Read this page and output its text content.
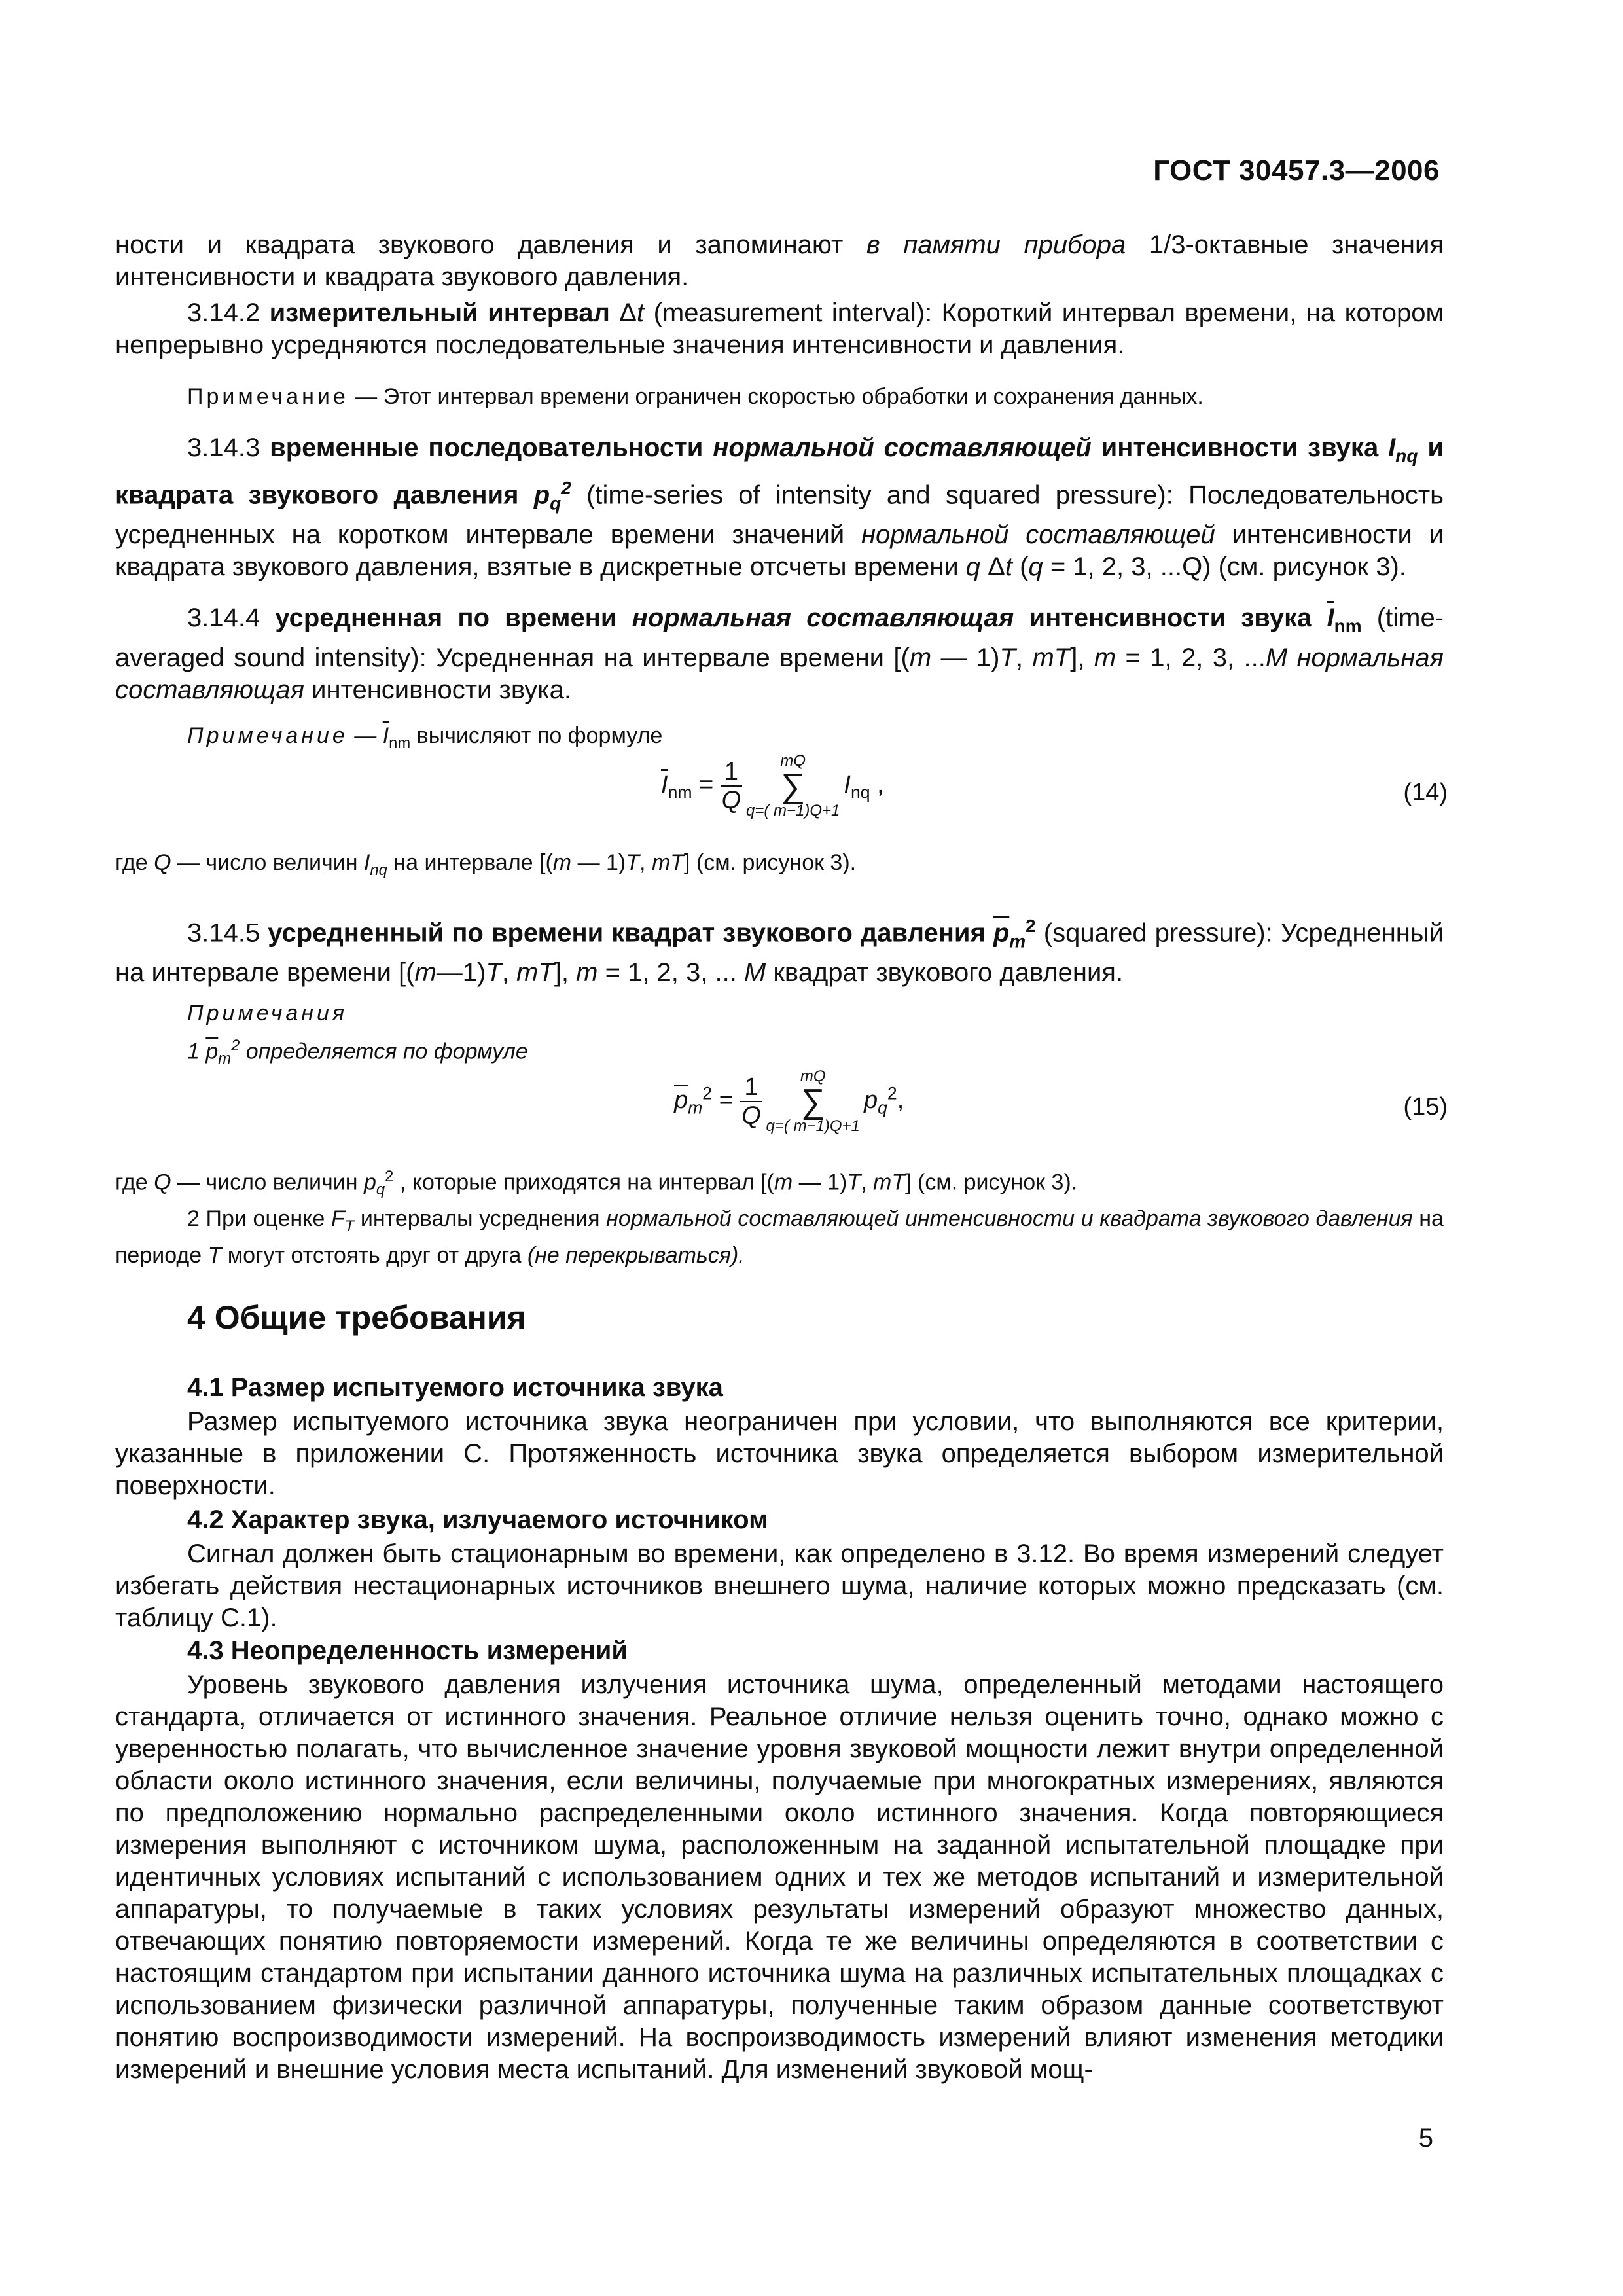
ГОСТ 30457.3—2006
ности и квадрата звукового давления и запоминают в памяти прибора 1/3-октавные значения интенсивности и квадрата звукового давления.
3.14.2 измерительный интервал Δt (measurement interval): Короткий интервал времени, на котором непрерывно усредняются последовательные значения интенсивности и давления.
Примечание — Этот интервал времени ограничен скоростью обработки и сохранения данных.
3.14.3 временные последовательности нормальной составляющей интенсивности звука $I_{nq}$ и квадрата звукового давления $p_q^2$ (time-series of intensity and squared pressure): Последовательность усредненных на коротком интервале времени значений нормальной составляющей интенсивности и квадрата звукового давления, взятые в дискретные отсчеты времени q Δt (q = 1, 2, 3, ...Q) (см. рисунок 3).
3.14.4 усредненная по времени нормальная составляющая интенсивности звука $\overline{I}_{nm}$ (time-averaged sound intensity): Усредненная на интервале времени [(m — 1)T, mT], m = 1, 2, 3, ...M нормальная составляющая интенсивности звука.
Примечание — $\overline{I}_{nm}$ вычисляют по формуле
$\overline{I}_{nm} = \frac{1}{Q}$ mQ
∑
q=( $m-1)Q+1I_{nq}$ ,	(14)
где Q — число величин $I_{nq}$ на интервале [(m — 1)T, mT] (см. рисунок 3).
3.14.5 усредненный по времени квадрат звукового давления $\overline{p}_m^2$ (squared pressure): Усредненный на интервале времени [(m—1)T, mT], m = 1, 2, 3, ... M квадрат звукового давления.
Примечания
1 $\overline{p}_m^2$ определяется по формуле
$\overline{p}_m^2 = \frac{1}{Q}$ mQ
∑
q=( $m-1)Q+1p_q^2$,	(15)
где Q — число величин $p_q^2$ , которые приходятся на интервал [(m — 1)T, mT] (см. рисунок 3).
2 При оценке $F_T$ интервалы усреднения нормальной составляющей интенсивности и квадрата звукового давления на периоде T могут отстоять друг от друга (не перекрываться).
4 Общие требования
4.1 Размер испытуемого источника звука
Размер испытуемого источника звука неограничен при условии, что выполняются все критерии, указанные в приложении С. Протяженность источника звука определяется выбором измерительной поверхности.
4.2 Характер звука, излучаемого источником
Сигнал должен быть стационарным во времени, как определено в 3.12. Во время измерений следует избегать действия нестационарных источников внешнего шума, наличие которых можно предсказать (см. таблицу С.1).
4.3 Неопределенность измерений
Уровень звукового давления излучения источника шума, определенный методами настоящего стандарта, отличается от истинного значения. Реальное отличие нельзя оценить точно, однако можно с уверенностью полагать, что вычисленное значение уровня звуковой мощности лежит внутри определенной области около истинного значения, если величины, получаемые при многократных измерениях, являются по предположению нормально распределенными около истинного значения. Когда повторяющиеся измерения выполняют с источником шума, расположенным на заданной испытательной площадке при идентичных условиях испытаний с использованием одних и тех же методов испытаний и измерительной аппаратуры, то получаемые в таких условиях результаты измерений образуют множество данных, отвечающих понятию повторяемости измерений. Когда те же величины определяются в соответствии с настоящим стандартом при испытании данного источника шума на различных испытательных площадках с использованием физически различной аппаратуры, полученные таким образом данные соответствуют понятию воспроизводимости измерений. На воспроизводимость измерений влияют изменения методики измерений и внешние условия места испытаний. Для изменений звуковой мощ-
5
